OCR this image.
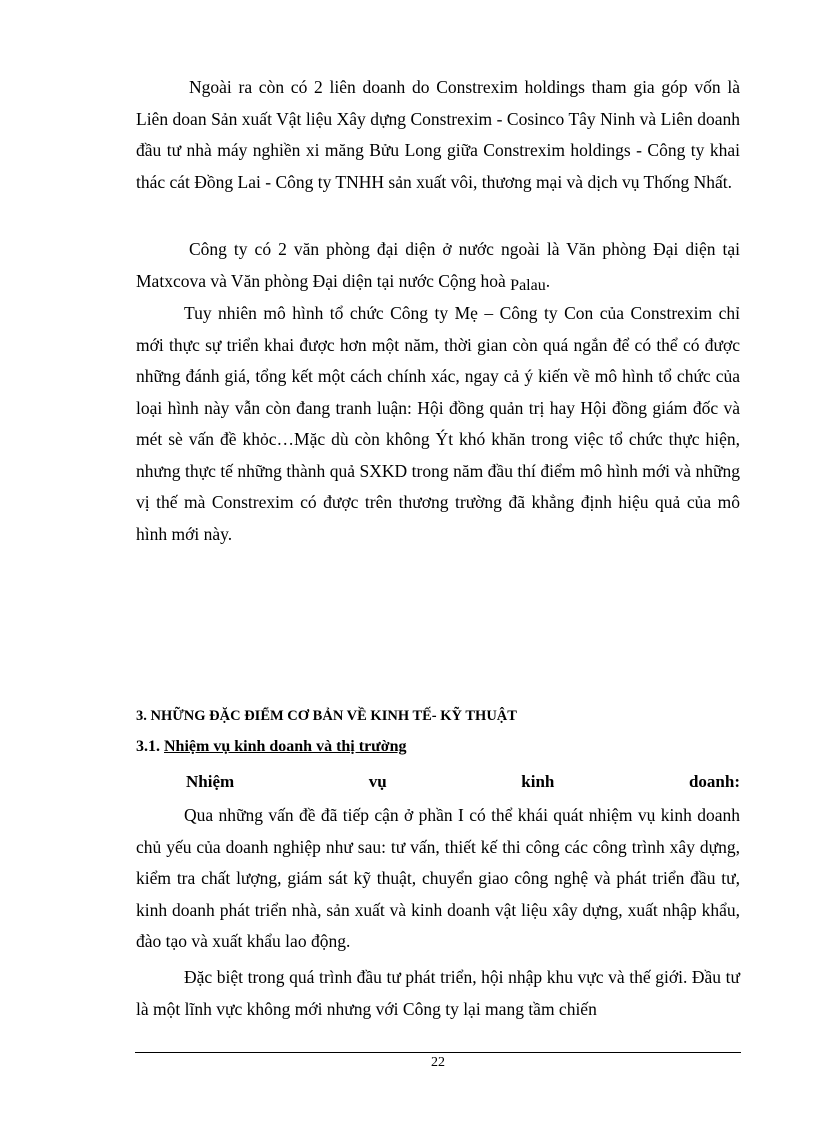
Ngoài ra còn có 2 liên doanh do Constrexim holdings tham gia góp vốn là Liên doan Sản xuất Vật liệu Xây dựng Constrexim - Cosinco Tây Ninh và Liên doanh đầu tư nhà máy nghiền xi măng Bửu Long giữa Constrexim holdings - Công ty khai thác cát Đồng Lai - Công ty TNHH sản xuất vôi, thương mại và dịch vụ Thống Nhất.

Công ty có 2 văn phòng đại diện ở nước ngoài là Văn phòng Đại diện tại Matxcova và Văn phòng Đại diện tại nước Cộng hoà Palau.

Tuy nhiên mô hình tổ chức Công ty Mẹ – Công ty Con của Constrexim chỉ mới thực sự triển khai được hơn một năm, thời gian còn quá ngắn để có thể có được những đánh giá, tổng kết một cách chính xác, ngay cả ý kiến về mô hình tổ chức của loại hình này vẫn còn đang tranh luận: Hội đồng quản trị hay Hội đồng giám đốc và mét sè vấn đề khỏc…Mặc dù còn không Ýt khó khăn trong việc tổ chức thực hiện, nhưng thực tế những thành quả SXKD trong năm đầu thí điểm mô hình mới và những vị thế mà Constrexim có được trên thương trường đã khẳng định hiệu quả của mô hình mới này.

3. NHỮNG ĐẶC ĐIỂM CƠ BẢN VỀ KINH TẾ- KỸ THUẬT
3.1. Nhiệm vụ kinh doanh và thị trường
Nhiệm	vụ	kinh	doanh:

Qua những vấn đề đã tiếp cận ở phần I có thể khái quát nhiệm vụ kinh doanh chủ yếu của doanh nghiệp như sau: tư vấn, thiết kế thi công các công trình xây dựng, kiểm tra chất lượng, giám sát kỹ thuật, chuyển giao công nghệ và phát triển đầu tư, kinh doanh phát triển nhà, sản xuất và kinh doanh vật liệu xây dựng, xuất nhập khẩu, đào tạo và xuất khẩu lao động.

Đặc biệt trong quá trình đầu tư phát triển, hội nhập khu vực và thế giới. Đầu tư là một lĩnh vực không mới nhưng với Công ty lại mang tầm chiến

22
